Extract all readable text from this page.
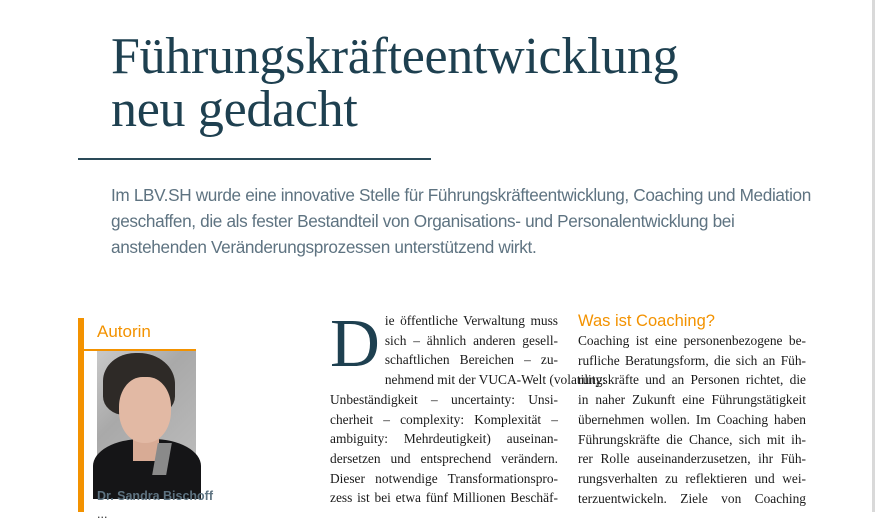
Führungskräfteentwicklung
neu gedacht

Im LBV.SH wurde eine innovative Stelle für Führungskräfteentwicklung, Coaching und Mediation geschaffen, die als fester Bestandteil von Organisations- und Personalentwicklung bei anstehenden Veränderungsprozessen unterstützend wirkt.

Autorin

Dr. Sandra Bischoff

...

D ie öffentliche Verwaltung muss
sich – ähnlich anderen gesell-
schaftlichen Bereichen – zu-
nehmend mit der VUCA-Welt (volatility:
Unbeständigkeit – uncertainty: Unsi-
cherheit – complexity: Komplexität –
ambiguity: Mehrdeutigkeit) auseinan-
dersetzen und entsprechend verändern.
Dieser notwendige Transformationspro-
zess ist bei etwa fünf Millionen Beschäf-

Was ist Coaching?

Coaching ist eine personenbezogene be-
rufliche Beratungsform, die sich an Füh-
rungskräfte und an Personen richtet, die
in naher Zukunft eine Führungstätigkeit
übernehmen wollen. Im Coaching haben
Führungskräfte die Chance, sich mit ih-
rer Rolle auseinanderzusetzen, ihr Füh-
rungsverhalten zu reflektieren und wei-
terzuentwickeln. Ziele von Coaching
